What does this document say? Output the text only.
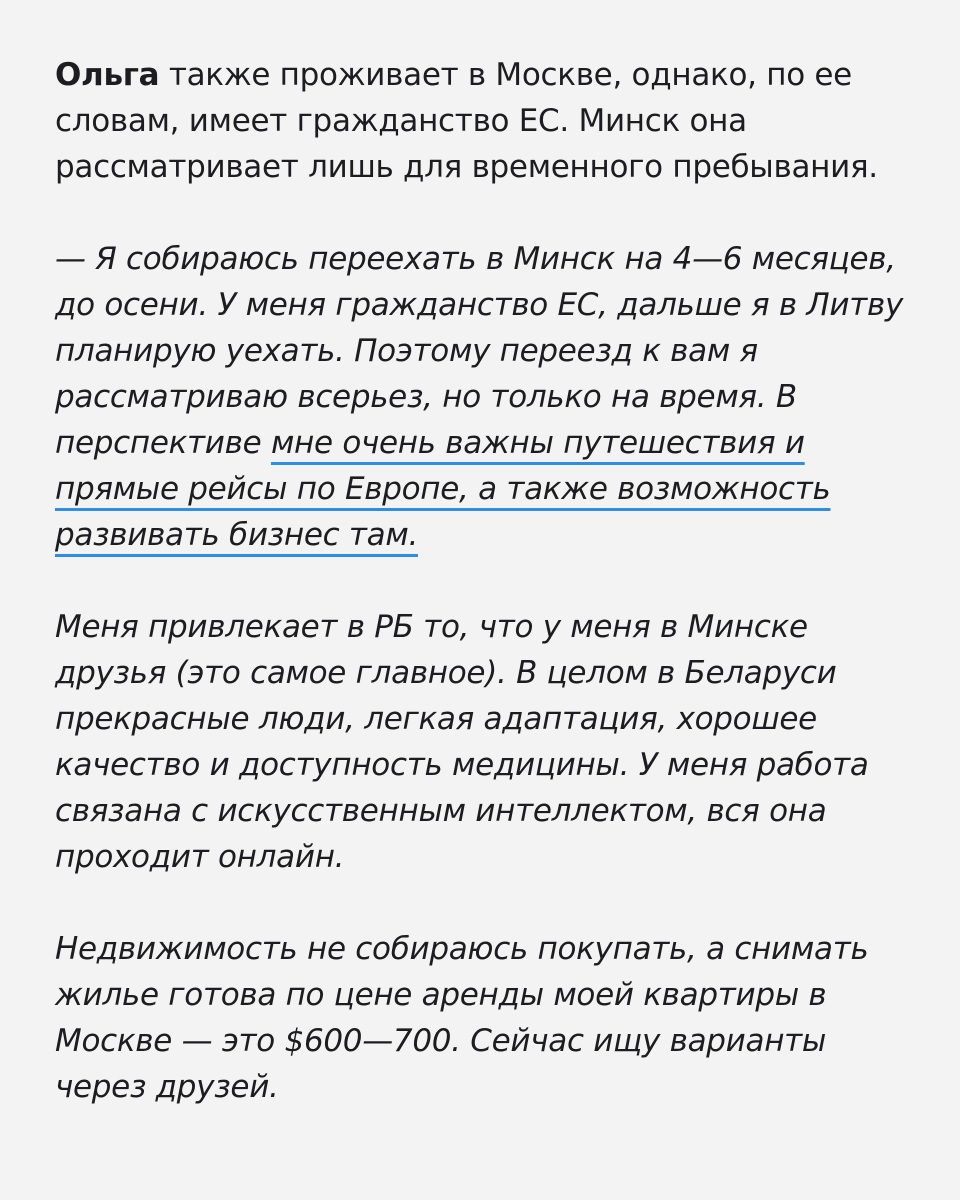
Ольга также проживает в Москве, однако, по ее словам, имеет гражданство ЕС. Минск она рассматривает лишь для временного пребывания.

— Я собираюсь переехать в Минск на 4—6 месяцев, до осени. У меня гражданство ЕС, дальше я в Литву планирую уехать. Поэтому переезд к вам я рассматриваю всерьез, но только на время. В перспективе мне очень важны путешествия и прямые рейсы по Европе, а также возможность развивать бизнес там.

Меня привлекает в РБ то, что у меня в Минске друзья (это самое главное). В целом в Беларуси прекрасные люди, легкая адаптация, хорошее качество и доступность медицины. У меня работа связана с искусственным интеллектом, вся она проходит онлайн.

Недвижимость не собираюсь покупать, а снимать жилье готова по цене аренды моей квартиры в Москве — это $600—700. Сейчас ищу варианты через друзей.
